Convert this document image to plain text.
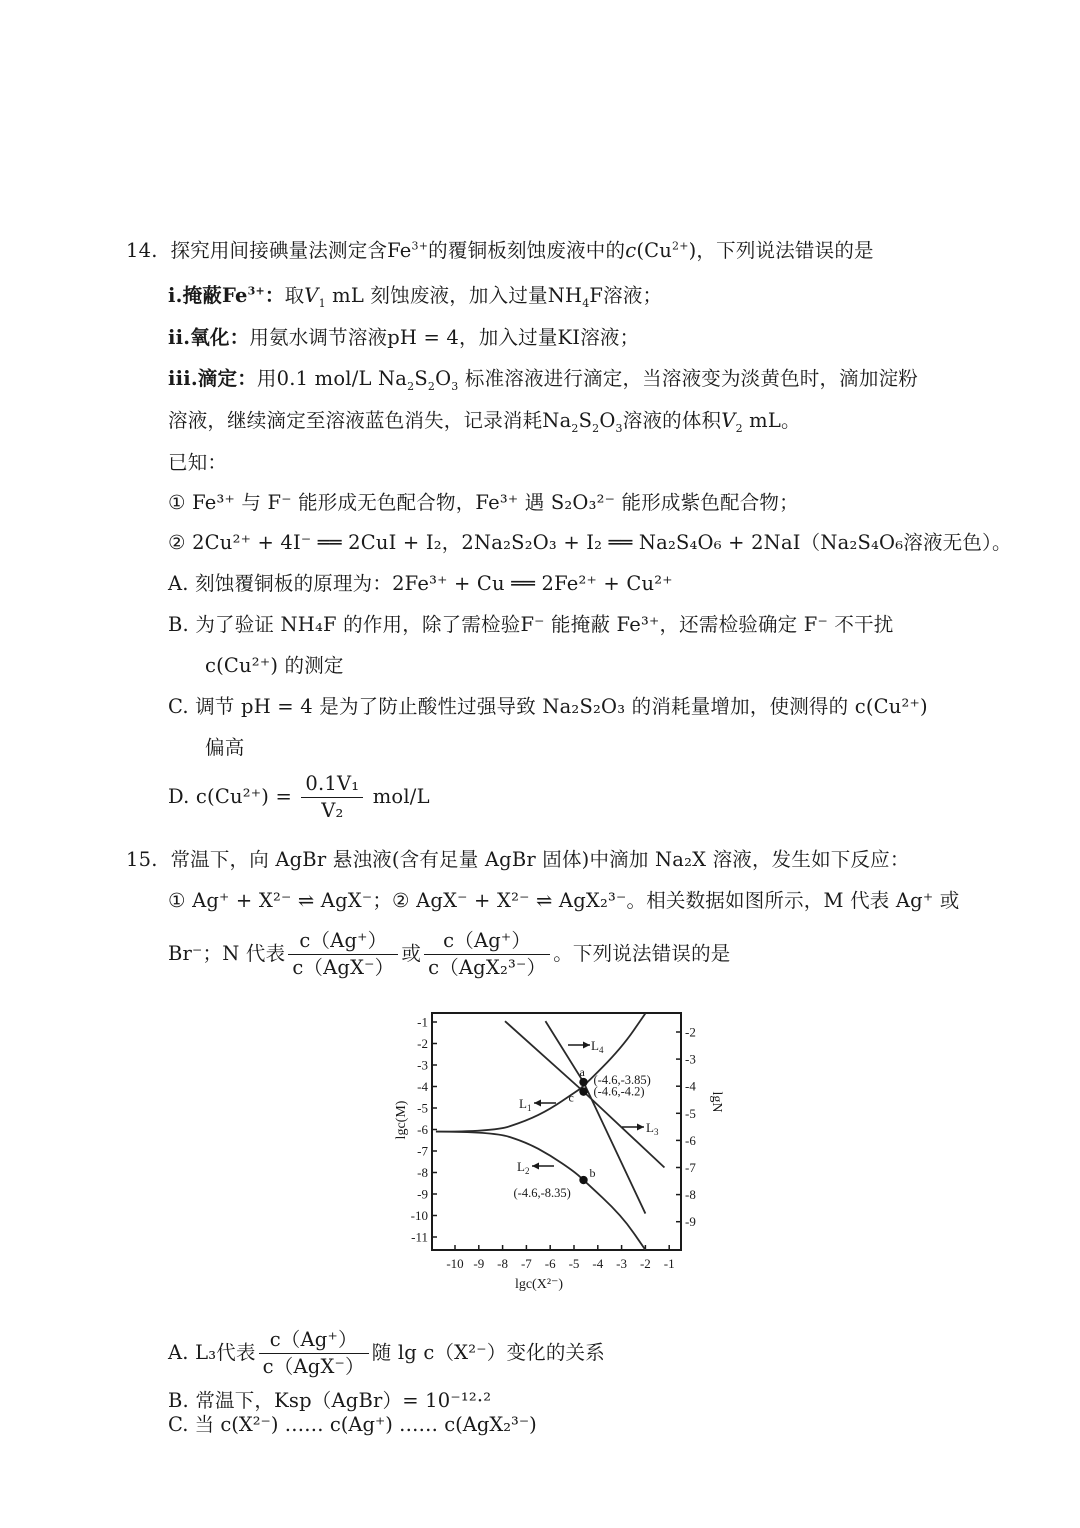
14. 探究用间接碘量法测定含$Fe^{3+}$的覆铜板刻蚀废液中的$c(Cu^{2+})$，下列说法错误的是
i.掩蔽$Fe^{3+}$：取$V_1$ mL 刻蚀废液，加入过量$NH_4F$溶液；
ii.氧化：用氨水调节溶液pH = 4，加入过量KI溶液；
iii.滴定：用0.1 mol/L $Na_2S_2O_3$ 标准溶液进行滴定，当溶液变为淡黄色时，滴加淀粉
溶液，继续滴定至溶液蓝色消失，记录消耗$Na_2S_2O_3$溶液的体积$V_2$ mL。
已知：
① Fe³⁺ 与 F⁻ 能形成无色配合物，Fe³⁺ 遇 S₂O₃²⁻ 能形成紫色配合物；
② 2Cu²⁺ + 4I⁻ ══ 2CuI + I₂，2Na₂S₂O₃ + I₂ ══ Na₂S₄O₆ + 2NaI（Na₂S₄O₆溶液无色）。
A. 刻蚀覆铜板的原理为：2Fe³⁺ + Cu ══ 2Fe²⁺ + Cu²⁺
B. 为了验证 NH₄F 的作用，除了需检验F⁻ 能掩蔽 Fe³⁺，还需检验确定 F⁻ 不干扰
c(Cu²⁺) 的测定
C. 调节 pH = 4 是为了防止酸性过强导致 Na₂S₂O₃ 的消耗量增加，使测得的 c(Cu²⁺)
偏高
D. $c(Cu^{2+}) = \frac{\text{0.1V₁}}{\text{V₂}} mol/L$
15. 常温下，向 AgBr 悬浊液(含有足量 AgBr 固体)中滴加 Na₂X 溶液，发生如下反应：
① Ag⁺ + X²⁻ ⇌ AgX⁻；② AgX⁻ + X²⁻ ⇌ AgX₂³⁻。相关数据如图所示，M 代表 Ag⁺ 或
Br⁻；N 代表 $\frac{c(Ag^+)}{\text{c（AgX⁻）}}$ 或 $\frac{c(Ag^+)}{\text{c（AgX₂³⁻）}}$ 。下列说法错误的是
-10 -9 -8 -7 -6 -5 -4 -3 -2 -1
-1
-2
-3
-4
-5
-6
-7
-8
-9
-10
-11
-2
-3
-4
-5
-6
-7
-8
-9
$L_4$
$L_1$
$L_3$
$L_2$
a
(-4.6,-3.85)
c (-4.6,-4.2)
b
(-4.6,-8.35)
lgc(X²⁻)
lgc(M)	lgN
A. L₃代表 $\frac{c(Ag^+)}{\text{c（AgX⁻）}}$ 随 lg c（X²⁻）变化的关系
B. 常温下，Ksp（AgBr）= 10⁻¹²·²
C. 当 c(X²⁻) …… c(Ag⁺) …… c(AgX₂³⁻)
